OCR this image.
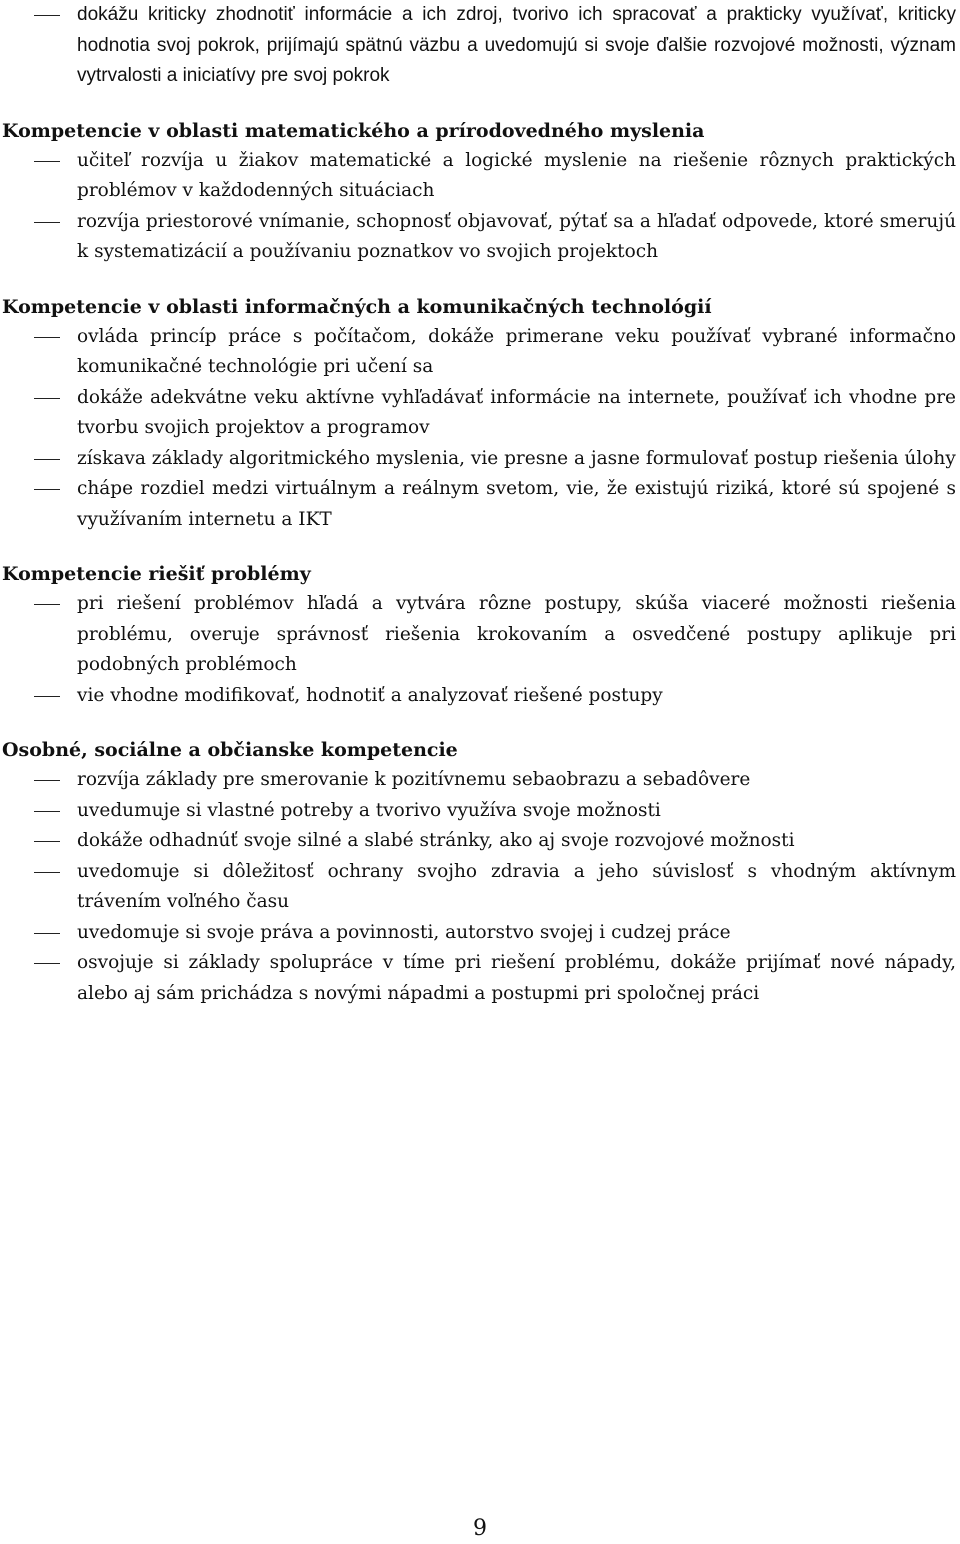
dokážu kriticky zhodnotiť informácie a ich zdroj, tvorivo ich spracovať a prakticky využívať, kriticky hodnotia svoj pokrok, prijímajú spätnú väzbu a uvedomujú si svoje ďalšie rozvojové možnosti, význam vytrvalosti a iniciatívy pre svoj pokrok
Kompetencie v oblasti matematického a prírodovedného myslenia
učiteľ rozvíja u žiakov matematické a logické myslenie na riešenie rôznych praktických problémov v každodenných situáciach
rozvíja priestorové vnímanie, schopnosť objavovať, pýtať sa a hľadať odpovede, ktoré smerujú k systematizácií a používaniu poznatkov vo svojich projektoch
Kompetencie v oblasti informačných a komunikačných technológií
ovláda princíp práce s počítačom, dokáže primerane veku používať vybrané informačno komunikačné technológie pri učení sa
dokáže adekvátne veku aktívne vyhľadávať informácie na internete, používať ich vhodne pre tvorbu svojich projektov a programov
získava základy algoritmického myslenia, vie presne a jasne formulovať postup riešenia úlohy
chápe rozdiel medzi virtuálnym a reálnym svetom, vie, že existujú riziká, ktoré sú spojené s využívaním internetu a IKT
Kompetencie riešiť problémy
pri riešení problémov hľadá a vytvára rôzne postupy, skúša viaceré možnosti riešenia problému, overuje správnosť riešenia krokovaním a osvedčené postupy aplikuje pri podobných problémoch
vie vhodne modifikovať, hodnotiť a analyzovať riešené postupy
Osobné, sociálne a občianske kompetencie
rozvíja základy pre smerovanie k pozitívnemu sebaobrazu a sebadôvere
uvedumuje si vlastné potreby a tvorivo využíva svoje možnosti
dokáže odhadnúť svoje silné a slabé stránky, ako aj svoje rozvojové možnosti
uvedomuje si dôležitosť ochrany svojho zdravia a jeho súvislosť s vhodným aktívnym trávením voľného času
uvedomuje si svoje práva a povinnosti, autorstvo svojej i cudzej práce
osvojuje si základy spolupráce v tíme pri riešení problému, dokáže prijímať nové nápady, alebo aj sám prichádza s novými nápadmi a postupmi pri spoločnej práci
9
